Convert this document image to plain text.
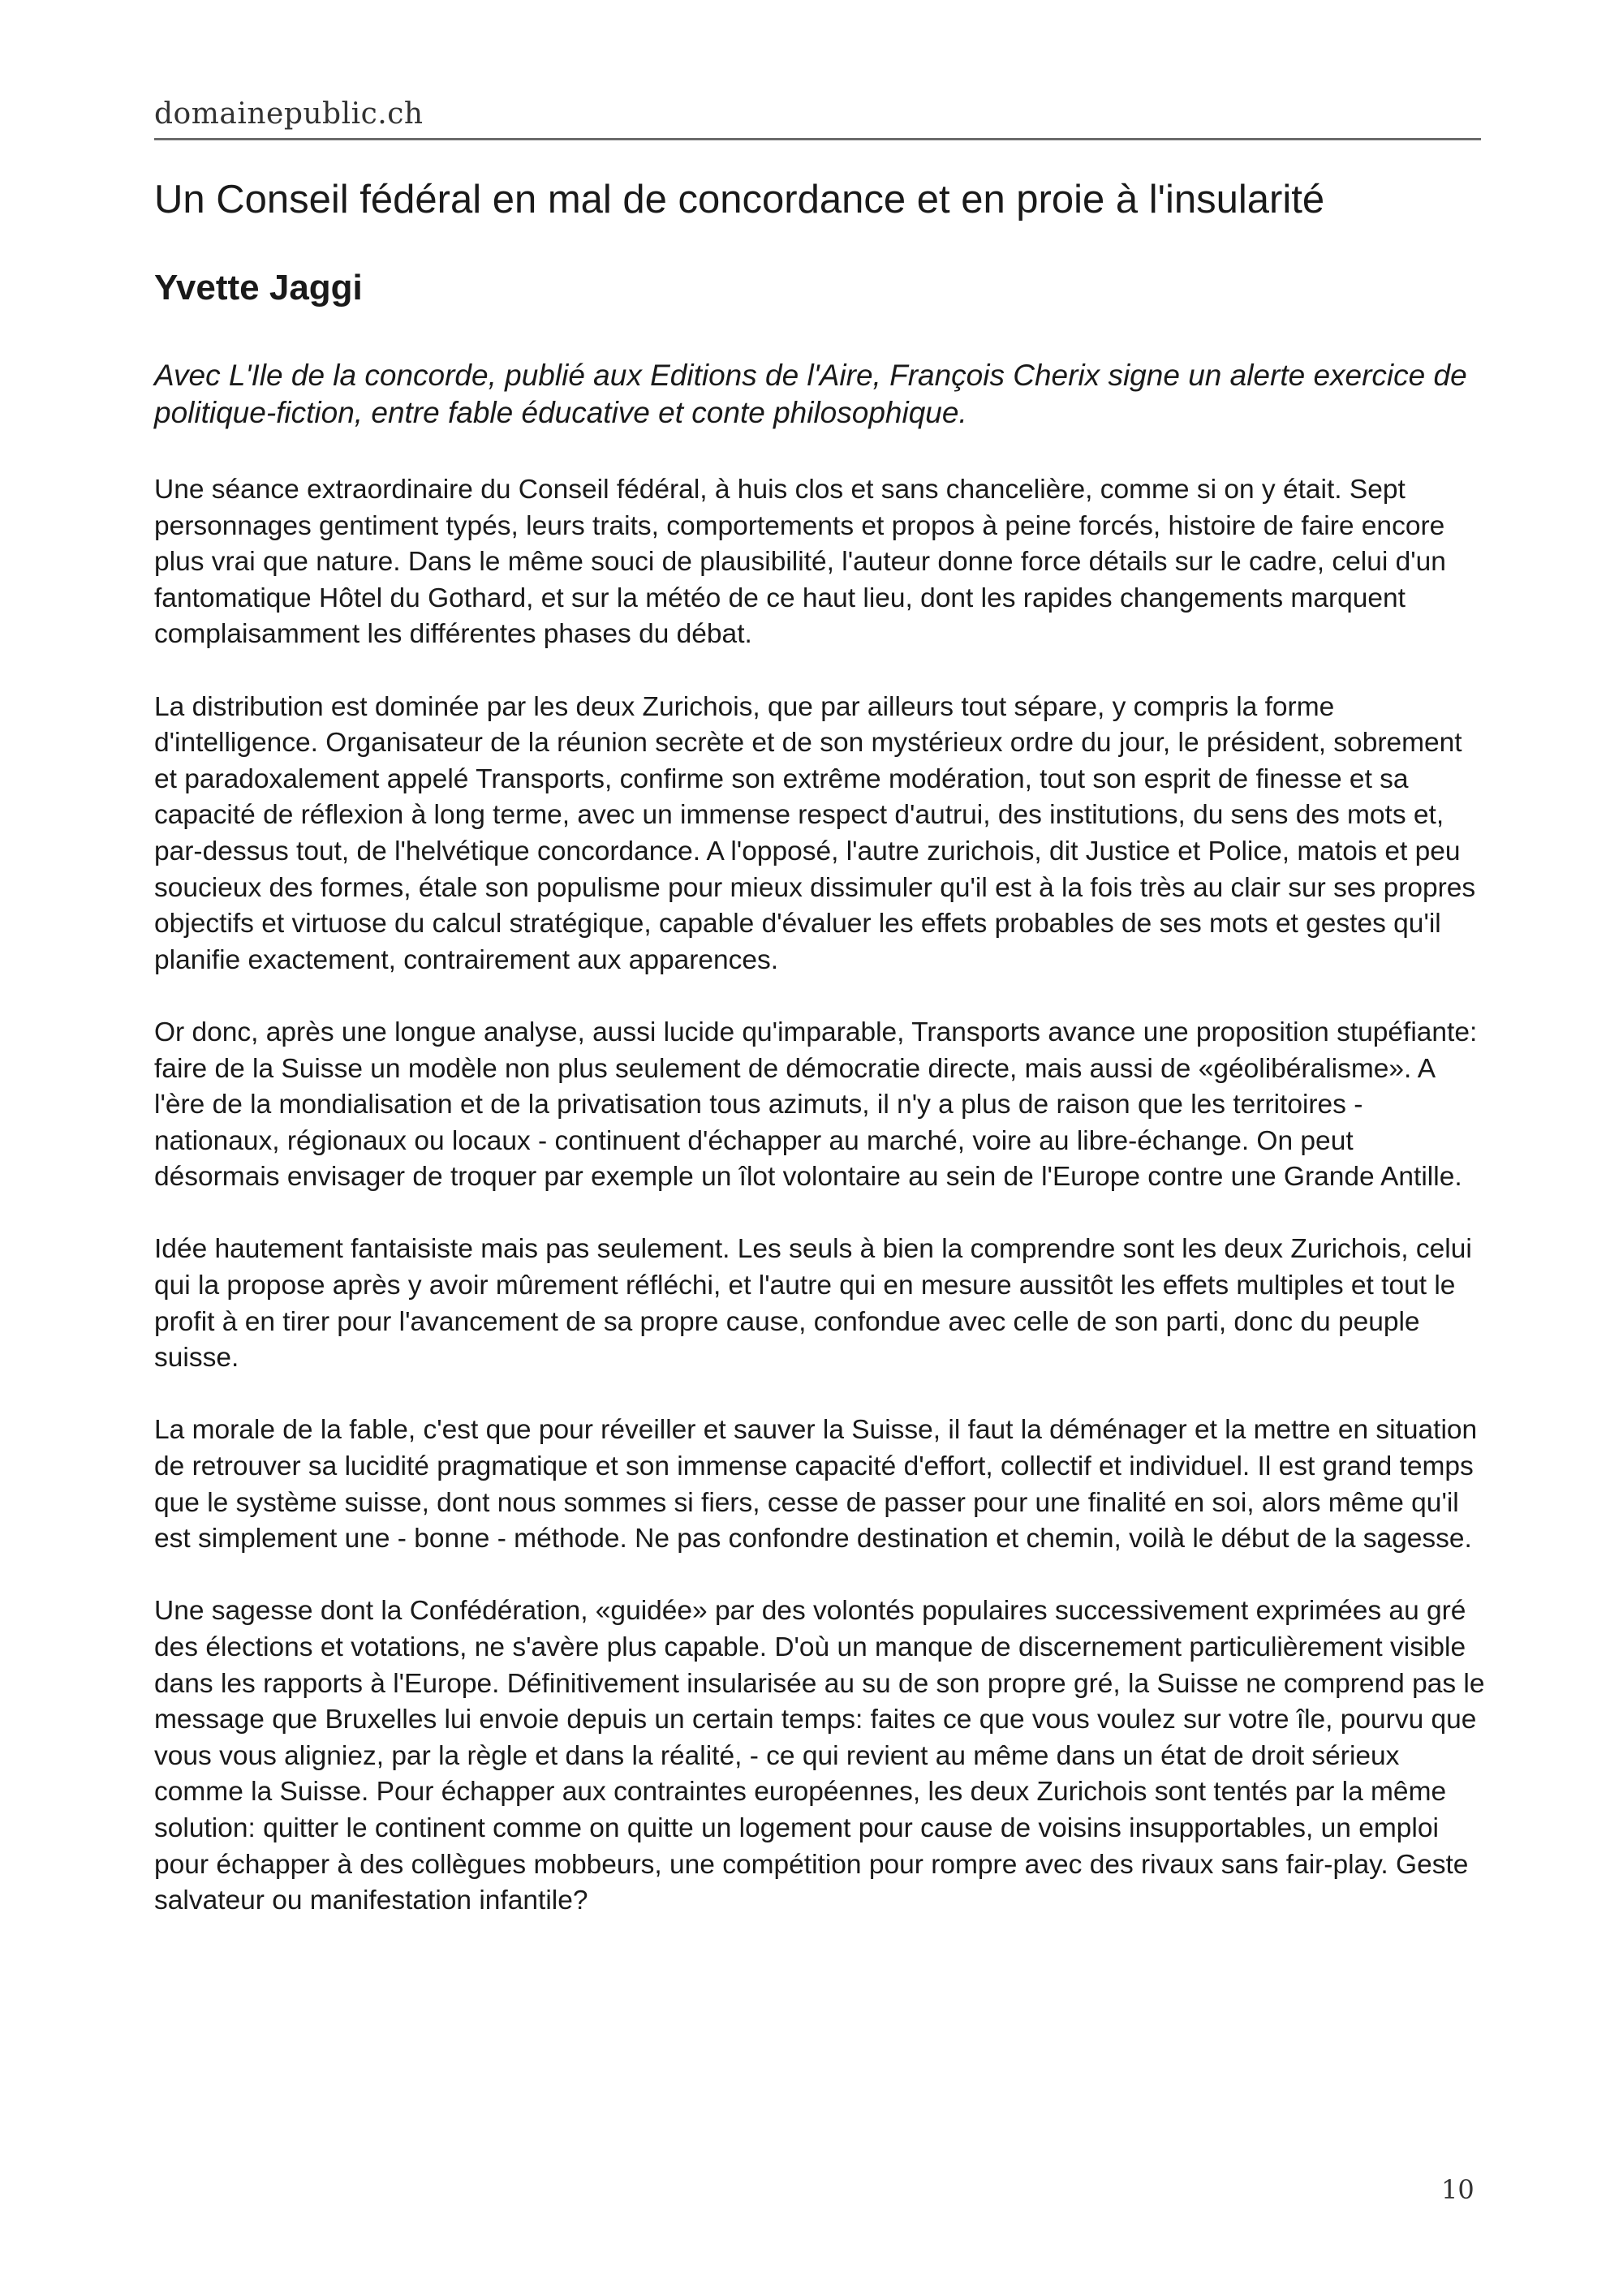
domainepublic.ch
Un Conseil fédéral en mal de concordance et en proie à l'insularité
Yvette Jaggi

Avec L'Ile de la concorde, publié aux Editions de l'Aire, François Cherix signe un alerte exercice de politique-fiction, entre fable éducative et conte philosophique.

Une séance extraordinaire du Conseil fédéral, à huis clos et sans chancelière, comme si on y était. Sept personnages gentiment typés, leurs traits, comportements et propos à peine forcés, histoire de faire encore plus vrai que nature. Dans le même souci de plausibilité, l'auteur donne force détails sur le cadre, celui d'un fantomatique Hôtel du Gothard, et sur la météo de ce haut lieu, dont les rapides changements marquent complaisamment les différentes phases du débat.

La distribution est dominée par les deux Zurichois, que par ailleurs tout sépare, y compris la forme d'intelligence. Organisateur de la réunion secrète et de son mystérieux ordre du jour, le président, sobrement et paradoxalement appelé Transports, confirme son extrême modération, tout son esprit de finesse et sa capacité de réflexion à long terme, avec un immense respect d'autrui, des institutions, du sens des mots et, par-dessus tout, de l'helvétique concordance. A l'opposé, l'autre zurichois, dit Justice et Police, matois et peu soucieux des formes, étale son populisme pour mieux dissimuler qu'il est à la fois très au clair sur ses propres objectifs et virtuose du calcul stratégique, capable d'évaluer les effets probables de ses mots et gestes qu'il planifie exactement, contrairement aux apparences.

Or donc, après une longue analyse, aussi lucide qu'imparable, Transports avance une proposition stupéfiante: faire de la Suisse un modèle non plus seulement de démocratie directe, mais aussi de «géolibéralisme». A l'ère de la mondialisation et de la privatisation tous azimuts, il n'y a plus de raison que les territoires - nationaux, régionaux ou locaux - continuent d'échapper au marché, voire au libre-échange. On peut désormais envisager de troquer par exemple un îlot volontaire au sein de l'Europe contre une Grande Antille.

Idée hautement fantaisiste mais pas seulement. Les seuls à bien la comprendre sont les deux Zurichois, celui qui la propose après y avoir mûrement réfléchi, et l'autre qui en mesure aussitôt les effets multiples et tout le profit à en tirer pour l'avancement de sa propre cause, confondue avec celle de son parti, donc du peuple suisse.

La morale de la fable, c'est que pour réveiller et sauver la Suisse, il faut la déménager et la mettre en situation de retrouver sa lucidité pragmatique et son immense capacité d'effort, collectif et individuel. Il est grand temps que le système suisse, dont nous sommes si fiers, cesse de passer pour une finalité en soi, alors même qu'il est simplement une - bonne - méthode. Ne pas confondre destination et chemin, voilà le début de la sagesse.

Une sagesse dont la Confédération, «guidée» par des volontés populaires successivement exprimées au gré des élections et votations, ne s'avère plus capable. D'où un manque de discernement particulièrement visible dans les rapports à l'Europe. Définitivement insularisée au su de son propre gré, la Suisse ne comprend pas le message que Bruxelles lui envoie depuis un certain temps: faites ce que vous voulez sur votre île, pourvu que vous vous aligniez, par la règle et dans la réalité, - ce qui revient au même dans un état de droit sérieux comme la Suisse. Pour échapper aux contraintes européennes, les deux Zurichois sont tentés par la même solution: quitter le continent comme on quitte un logement pour cause de voisins insupportables, un emploi pour échapper à des collègues mobbeurs, une compétition pour rompre avec des rivaux sans fair-play. Geste salvateur ou manifestation infantile?

10
